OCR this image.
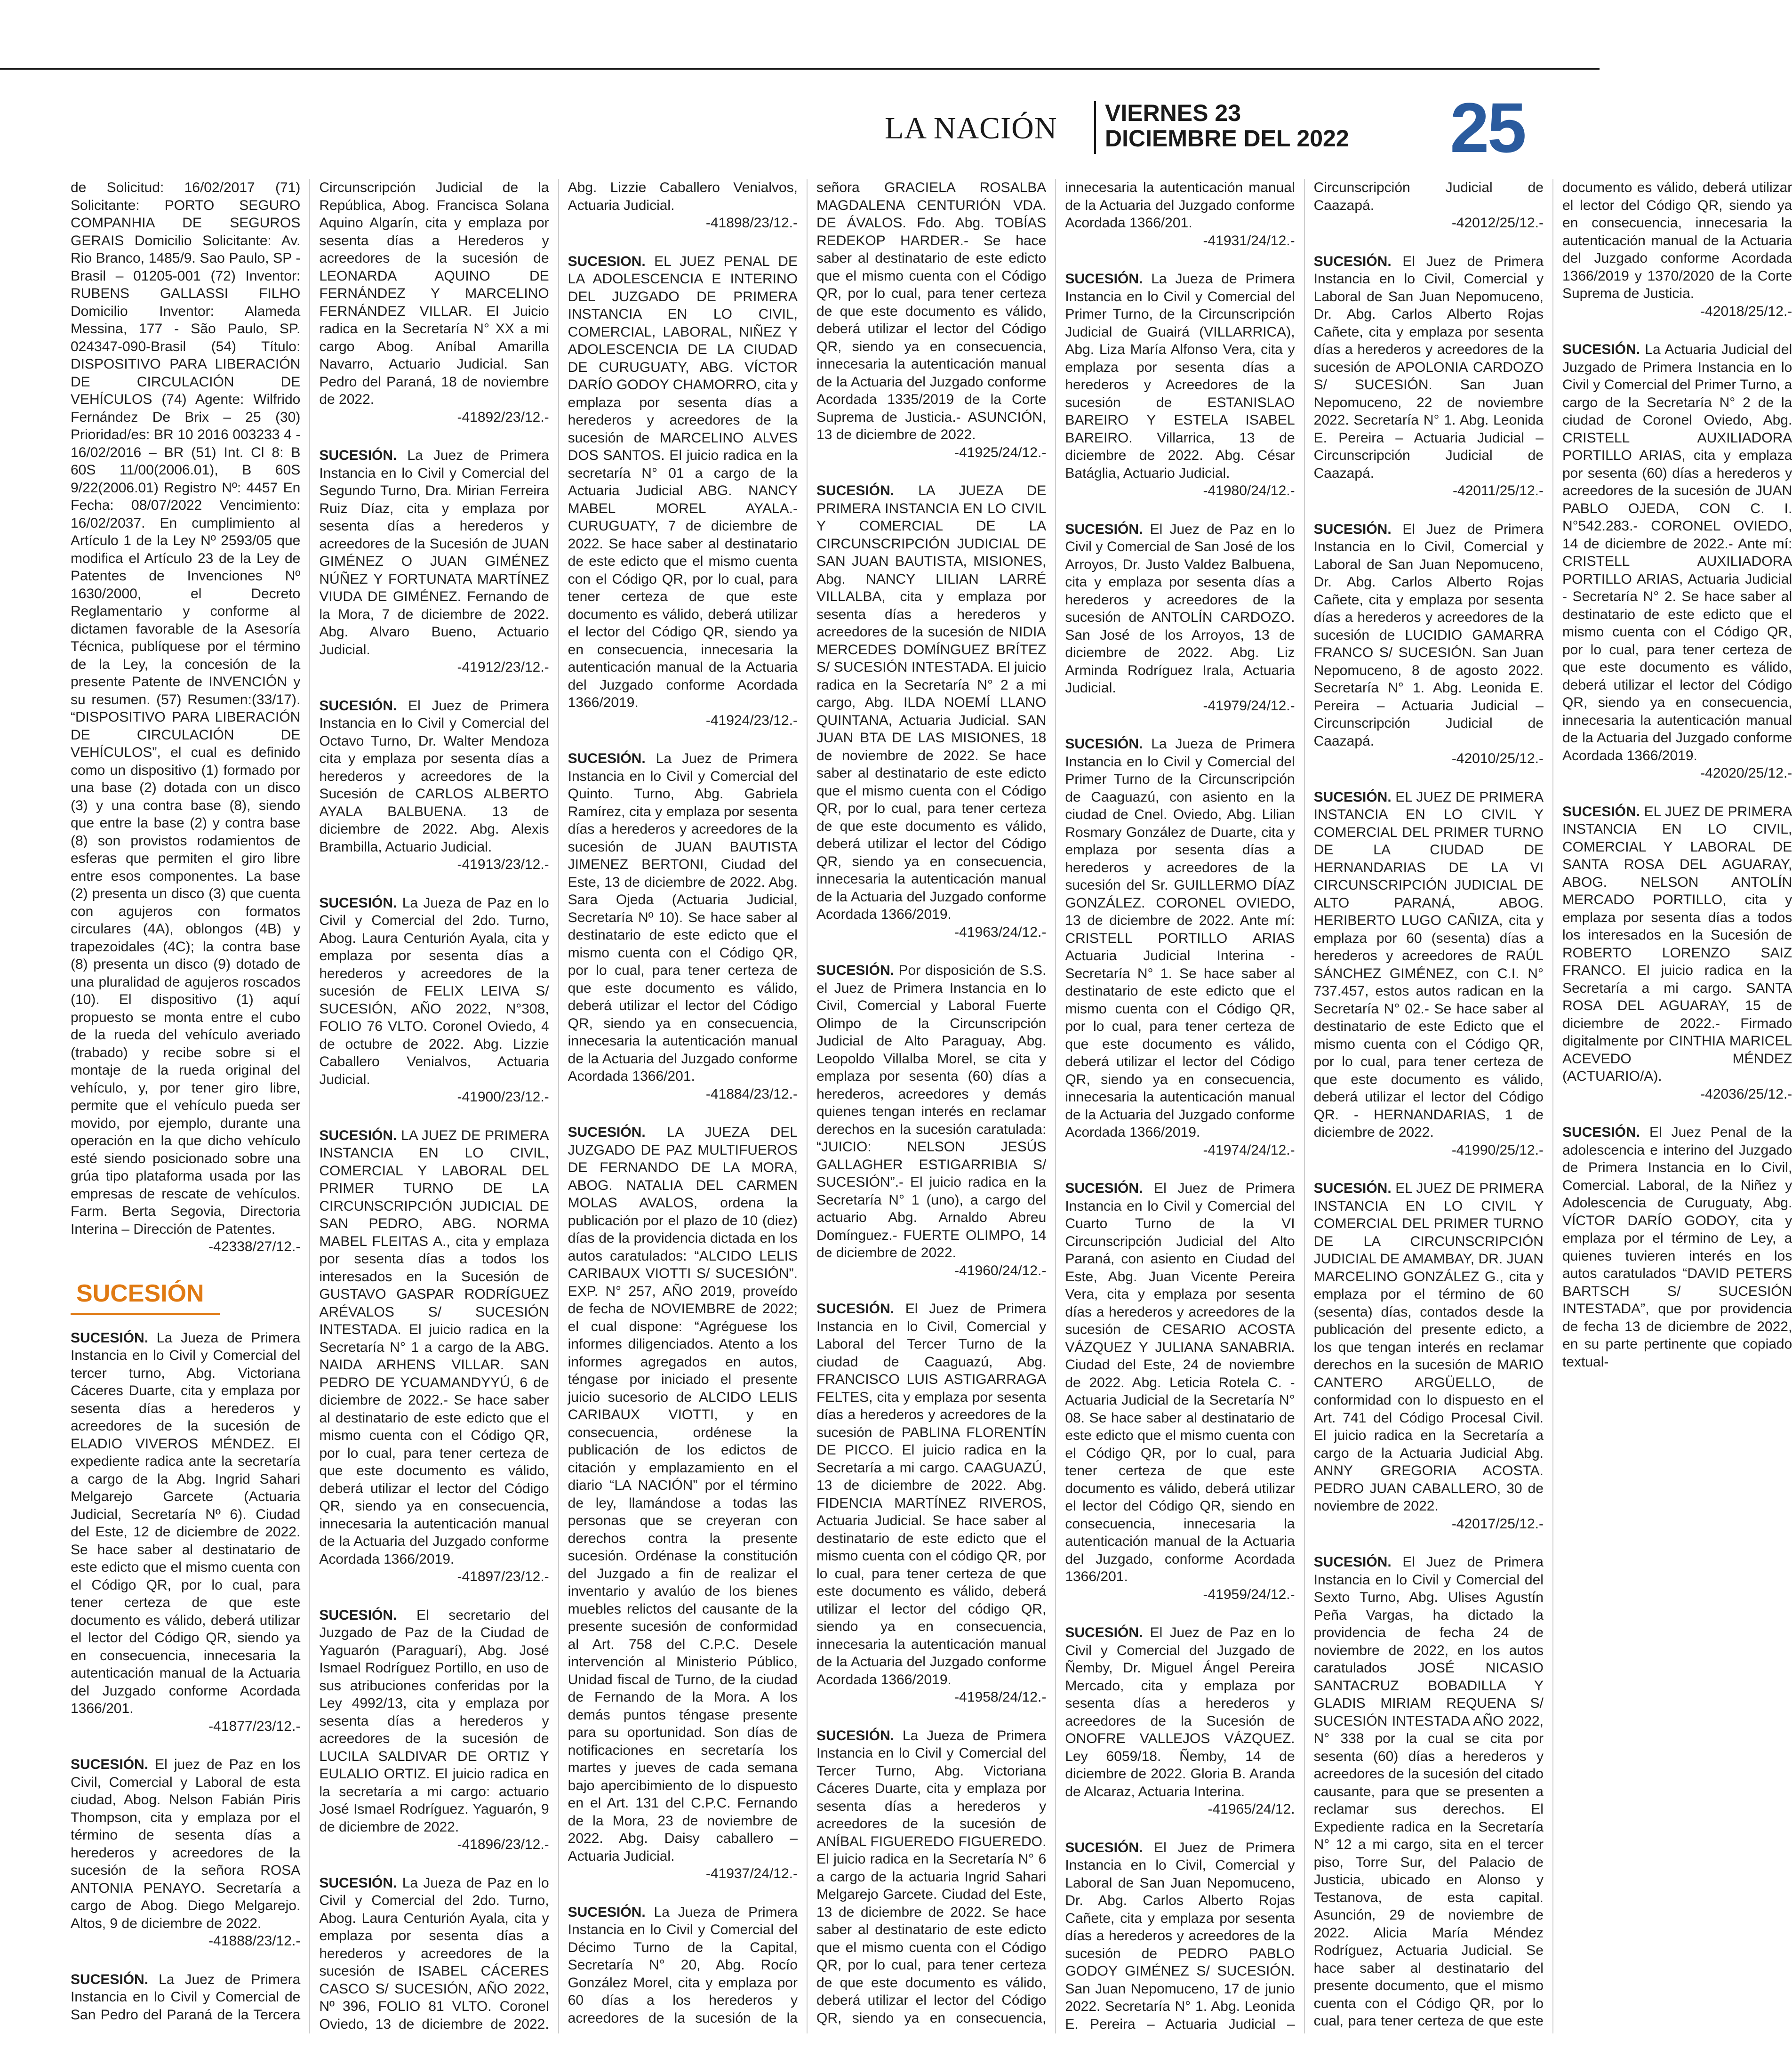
LA NACIÓN VIERNES 23
DICIEMBRE DEL 2022 25

de Solicitud: 16/02/2017 (71) Solicitante: PORTO SEGURO COMPANHIA DE SEGUROS GERAIS Domicilio Solicitante: Av. Rio Branco, 1485/9. Sao Paulo, SP - Brasil – 01205-001 (72) Inventor: RUBENS GALLASSI FILHO Domicilio Inventor: Alameda Messina, 177 - São Paulo, SP. 024347-090-Brasil (54) Título: DISPOSITIVO PARA LIBERACIÓN DE CIRCULACIÓN DE VEHÍCULOS (74) Agente: Wilfrido Fernández De Brix – 25 (30) Prioridad/es: BR 10 2016 003233 4 - 16/02/2016 – BR (51) Int. Cl 8: B 60S 11/00(2006.01), B 60S 9/22(2006.01) Registro Nº: 4457 En Fecha: 08/07/2022 Vencimiento: 16/02/2037. En cumplimiento al Artículo 1 de la Ley Nº 2593/05 que modifica el Artículo 23 de la Ley de Patentes de Invenciones Nº 1630/2000, el Decreto Reglamentario y conforme al dictamen favorable de la Asesoría Técnica, publíquese por el término de la Ley, la concesión de la presente Patente de INVENCIÓN y su resumen. (57) Resumen:(33/17). “DISPOSITIVO PARA LIBERACIÓN DE CIRCULACIÓN DE VEHÍCULOS”, el cual es definido como un dispositivo (1) formado por una base (2) dotada con un disco (3) y una contra base (8), siendo que entre la base (2) y contra base (8) son provistos rodamientos de esferas que permiten el giro libre entre esos componentes. La base (2) presenta un disco (3) que cuenta con agujeros con formatos circulares (4A), oblongos (4B) y trapezoidales (4C); la contra base (8) presenta un disco (9) dotado de una pluralidad de agujeros roscados (10). El dispositivo (1) aquí propuesto se monta entre el cubo de la rueda del vehículo averiado (trabado) y recibe sobre si el montaje de la rueda original del vehículo, y, por tener giro libre, permite que el vehículo pueda ser movido, por ejemplo, durante una operación en la que dicho vehículo esté siendo posicionado sobre una grúa tipo plataforma usada por las empresas de rescate de vehículos. Farm. Berta Segovia, Directoria Interina – Dirección de Patentes.

-42338/27/12.-

SUCESIÓN

SUCESIÓN. La Jueza de Primera Instancia en lo Civil y Comercial del tercer turno, Abg. Victoriana Cáceres Duarte, cita y emplaza por sesenta días a herederos y acreedores de la sucesión de ELADIO VIVEROS MÉNDEZ. El expediente radica ante la secretaría a cargo de la Abg. Ingrid Sahari Melgarejo Garcete (Actuaria Judicial, Secretaría Nº 6). Ciudad del Este, 12 de diciembre de 2022. Se hace saber al destinatario de este edicto que el mismo cuenta con el Código QR, por lo cual, para tener certeza de que este documento es válido, deberá utilizar el lector del Código QR, siendo ya en consecuencia, innecesaria la autenticación manual de la Actuaria del Juzgado conforme Acordada 1366/201.

-41877/23/12.-

SUCESIÓN. El juez de Paz en los Civil, Comercial y Laboral de esta ciudad, Abog. Nelson Fabián Piris Thompson, cita y emplaza por el término de sesenta días a herederos y acreedores de la sucesión de la señora ROSA ANTONIA PENAYO. Secretaría a cargo de Abog. Diego Melgarejo. Altos, 9 de diciembre de 2022.

-41888/23/12.-

SUCESIÓN. La Juez de Primera Instancia en lo Civil y Comercial de San Pedro del Paraná de la Tercera Circunscripción Judicial de la República, Abog. Francisca Solana Aquino Algarín, cita y emplaza por sesenta días a Herederos y acreedores de la sucesión de LEONARDA AQUINO DE FERNÁNDEZ Y MARCELINO FERNÁNDEZ VILLAR. El Juicio radica en la Secretaría N° XX a mi cargo Abog. Aníbal Amarilla Navarro, Actuario Judicial. San Pedro del Paraná, 18 de noviembre de 2022.

-41892/23/12.-

SUCESIÓN. La Juez de Primera Instancia en lo Civil y Comercial del Segundo Turno, Dra. Mirian Ferreira Ruiz Díaz, cita y emplaza por sesenta días a herederos y acreedores de la Sucesión de JUAN GIMÉNEZ O JUAN GIMÉNEZ NÚÑEZ Y FORTUNATA MARTÍNEZ VIUDA DE GIMÉNEZ. Fernando de la Mora, 7 de diciembre de 2022. Abg. Alvaro Bueno, Actuario Judicial.

-41912/23/12.-

SUCESIÓN. El Juez de Primera Instancia en lo Civil y Comercial del Octavo Turno, Dr. Walter Mendoza cita y emplaza por sesenta días a herederos y acreedores de la Sucesión de CARLOS ALBERTO AYALA BALBUENA. 13 de diciembre de 2022. Abg. Alexis Brambilla, Actuario Judicial.

-41913/23/12.-

SUCESIÓN. La Jueza de Paz en lo Civil y Comercial del 2do. Turno, Abog. Laura Centurión Ayala, cita y emplaza por sesenta días a herederos y acreedores de la sucesión de FELIX LEIVA S/ SUCESIÓN, AÑO 2022, N°308, FOLIO 76 VLTO. Coronel Oviedo, 4 de octubre de 2022. Abg. Lizzie Caballero Venialvos, Actuaria Judicial.

-41900/23/12.-

SUCESIÓN. LA JUEZ DE PRIMERA INSTANCIA EN LO CIVIL, COMERCIAL Y LABORAL DEL PRIMER TURNO DE LA CIRCUNSCRIPCIÓN JUDICIAL DE SAN PEDRO, ABG. NORMA MABEL FLEITAS A., cita y emplaza por sesenta días a todos los interesados en la Sucesión de GUSTAVO GASPAR RODRÍGUEZ ARÉVALOS S/ SUCESIÓN INTESTADA. El juicio radica en la Secretaría N° 1 a cargo de la ABG. NAIDA ARHENS VILLAR. SAN PEDRO DE YCUAMANDYYÚ, 6 de diciembre de 2022.- Se hace saber al destinatario de este edicto que el mismo cuenta con el Código QR, por lo cual, para tener certeza de que este documento es válido, deberá utilizar el lector del Código QR, siendo ya en consecuencia, innecesaria la autenticación manual de la Actuaria del Juzgado conforme Acordada 1366/2019.

-41897/23/12.-

SUCESIÓN. El secretario del Juzgado de Paz de la Ciudad de Yaguarón (Paraguarí), Abg. José Ismael Rodríguez Portillo, en uso de sus atribuciones conferidas por la Ley 4992/13, cita y emplaza por sesenta días a herederos y acreedores de la sucesión de LUCILA SALDIVAR DE ORTIZ Y EULALIO ORTIZ. El juicio radica en la secretaría a mi cargo: actuario José Ismael Rodríguez. Yaguarón, 9 de diciembre de 2022.

-41896/23/12.-

SUCESIÓN. La Jueza de Paz en lo Civil y Comercial del 2do. Turno, Abog. Laura Centurión Ayala, cita y emplaza por sesenta días a herederos y acreedores de la sucesión de ISABEL CÁCERES CASCO S/ SUCESIÓN, AÑO 2022, Nº 396, FOLIO 81 VLTO. Coronel Oviedo, 13 de diciembre de 2022. Abg. Lizzie Caballero Venialvos, Actuaria Judicial.

-41898/23/12.-

SUCESION. EL JUEZ PENAL DE LA ADOLESCENCIA E INTERINO DEL JUZGADO DE PRIMERA INSTANCIA EN LO CIVIL, COMERCIAL, LABORAL, NIÑEZ Y ADOLESCENCIA DE LA CIUDAD DE CURUGUATY, ABG. VÍCTOR DARÍO GODOY CHAMORRO, cita y emplaza por sesenta días a herederos y acreedores de la sucesión de MARCELINO ALVES DOS SANTOS. El juicio radica en la secretaría N° 01 a cargo de la Actuaria Judicial ABG. NANCY MABEL MOREL AYALA.- CURUGUATY, 7 de diciembre de 2022. Se hace saber al destinatario de este edicto que el mismo cuenta con el Código QR, por lo cual, para tener certeza de que este documento es válido, deberá utilizar el lector del Código QR, siendo ya en consecuencia, innecesaria la autenticación manual de la Actuaria del Juzgado conforme Acordada 1366/2019.

-41924/23/12.-

SUCESIÓN. La Juez de Primera Instancia en lo Civil y Comercial del Quinto. Turno, Abg. Gabriela Ramírez, cita y emplaza por sesenta días a herederos y acreedores de la sucesión de JUAN BAUTISTA JIMENEZ BERTONI, Ciudad del Este, 13 de diciembre de 2022. Abg. Sara Ojeda (Actuaria Judicial, Secretaría Nº 10). Se hace saber al destinatario de este edicto que el mismo cuenta con el Código QR, por lo cual, para tener certeza de que este documento es válido, deberá utilizar el lector del Código QR, siendo ya en consecuencia, innecesaria la autenticación manual de la Actuaria del Juzgado conforme Acordada 1366/201.

-41884/23/12.-

SUCESIÓN. LA JUEZA DEL JUZGADO DE PAZ MULTIFUEROS DE FERNANDO DE LA MORA, ABOG. NATALIA DEL CARMEN MOLAS AVALOS, ordena la publicación por el plazo de 10 (diez) días de la providencia dictada en los autos caratulados: “ALCIDO LELIS CARIBAUX VIOTTI S/ SUCESIÓN”. EXP. N° 257, AÑO 2019, proveído de fecha de NOVIEMBRE de 2022; el cual dispone: “Agréguese los informes diligenciados. Atento a los informes agregados en autos, téngase por iniciado el presente juicio sucesorio de ALCIDO LELIS CARIBAUX VIOTTI, y en consecuencia, ordénese la publicación de los edictos de citación y emplazamiento en el diario “LA NACIÓN” por el término de ley, llamándose a todas las personas que se creyeran con derechos contra la presente sucesión. Ordénase la constitución del Juzgado a fin de realizar el inventario y avalúo de los bienes muebles relictos del causante de la presente sucesión de conformidad al Art. 758 del C.P.C. Desele intervención al Ministerio Público, Unidad fiscal de Turno, de la ciudad de Fernando de la Mora. A los demás puntos téngase presente para su oportunidad. Son días de notificaciones en secretaría los martes y jueves de cada semana bajo apercibimiento de lo dispuesto en el Art. 131 del C.P.C. Fernando de la Mora, 23 de noviembre de 2022. Abg. Daisy caballero – Actuaria Judicial.

-41937/24/12.-

SUCESIÓN. La Jueza de Primera Instancia en lo Civil y Comercial del Décimo Turno de la Capital, Secretaría N° 20, Abg. Rocío González Morel, cita y emplaza por 60 días a los herederos y acreedores de la sucesión de la señora GRACIELA ROSALBA MAGDALENA CENTURIÓN VDA. DE ÁVALOS. Fdo. Abg. TOBÍAS REDEKOP HARDER.- Se hace saber al destinatario de este edicto que el mismo cuenta con el Código QR, por lo cual, para tener certeza de que este documento es válido, deberá utilizar el lector del Código QR, siendo ya en consecuencia, innecesaria la autenticación manual de la Actuaria del Juzgado conforme Acordada 1335/2019 de la Corte Suprema de Justicia.- ASUNCIÓN, 13 de diciembre de 2022.

-41925/24/12.-

SUCESIÓN. LA JUEZA DE PRIMERA INSTANCIA EN LO CIVIL Y COMERCIAL DE LA CIRCUNSCRIPCIÓN JUDICIAL DE SAN JUAN BAUTISTA, MISIONES, Abg. NANCY LILIAN LARRÉ VILLALBA, cita y emplaza por sesenta días a herederos y acreedores de la sucesión de NIDIA MERCEDES DOMÍNGUEZ BRÍTEZ S/ SUCESIÓN INTESTADA. El juicio radica en la Secretaría N° 2 a mi cargo, Abg. ILDA NOEMÍ LLANO QUINTANA, Actuaria Judicial. SAN JUAN BTA DE LAS MISIONES, 18 de noviembre de 2022. Se hace saber al destinatario de este edicto que el mismo cuenta con el Código QR, por lo cual, para tener certeza de que este documento es válido, deberá utilizar el lector del Código QR, siendo ya en consecuencia, innecesaria la autenticación manual de la Actuaria del Juzgado conforme Acordada 1366/2019.

-41963/24/12.-

SUCESIÓN. Por disposición de S.S. el Juez de Primera Instancia en lo Civil, Comercial y Laboral Fuerte Olimpo de la Circunscripción Judicial de Alto Paraguay, Abg. Leopoldo Villalba Morel, se cita y emplaza por sesenta (60) días a herederos, acreedores y demás quienes tengan interés en reclamar derechos en la sucesión caratulada: “JUICIO: NELSON JESÚS GALLAGHER ESTIGARRIBIA S/ SUCESIÓN”.- El juicio radica en la Secretaría N° 1 (uno), a cargo del actuario Abg. Arnaldo Abreu Domínguez.- FUERTE OLIMPO, 14 de diciembre de 2022.

-41960/24/12.-

SUCESIÓN. El Juez de Primera Instancia en lo Civil, Comercial y Laboral del Tercer Turno de la ciudad de Caaguazú, Abg. FRANCISCO LUIS ASTIGARRAGA FELTES, cita y emplaza por sesenta días a herederos y acreedores de la sucesión de PABLINA FLORENTÍN DE PICCO. El juicio radica en la Secretaría a mi cargo. CAAGUAZÚ, 13 de diciembre de 2022. Abg. FIDENCIA MARTÍNEZ RIVEROS, Actuaria Judicial. Se hace saber al destinatario de este edicto que el mismo cuenta con el código QR, por lo cual, para tener certeza de que este documento es válido, deberá utilizar el lector del código QR, siendo ya en consecuencia, innecesaria la autenticación manual de la Actuaria del Juzgado conforme Acordada 1366/2019.

-41958/24/12.-

SUCESIÓN. La Jueza de Primera Instancia en lo Civil y Comercial del Tercer Turno, Abg. Victoriana Cáceres Duarte, cita y emplaza por sesenta días a herederos y acreedores de la sucesión de ANÍBAL FIGUEREDO FIGUEREDO. El juicio radica en la Secretaría N° 6 a cargo de la actuaria Ingrid Sahari Melgarejo Garcete. Ciudad del Este, 13 de diciembre de 2022. Se hace saber al destinatario de este edicto que el mismo cuenta con el Código QR, por lo cual, para tener certeza de que este documento es válido, deberá utilizar el lector del Código QR, siendo ya en consecuencia, innecesaria la autenticación manual de la Actuaria del Juzgado conforme Acordada 1366/201.

-41931/24/12.-

SUCESIÓN. La Jueza de Primera Instancia en lo Civil y Comercial del Primer Turno, de la Circunscripción Judicial de Guairá (VILLARRICA), Abg. Liza María Alfonso Vera, cita y emplaza por sesenta días a herederos y Acreedores de la sucesión de ESTANISLAO BAREIRO Y ESTELA ISABEL BAREIRO. Villarrica, 13 de diciembre de 2022. Abg. César Batáglia, Actuario Judicial.

-41980/24/12.-

SUCESIÓN. El Juez de Paz en lo Civil y Comercial de San José de los Arroyos, Dr. Justo Valdez Balbuena, cita y emplaza por sesenta días a herederos y acreedores de la sucesión de ANTOLÍN CARDOZO. San José de los Arroyos, 13 de diciembre de 2022. Abg. Liz Arminda Rodríguez Irala, Actuaria Judicial.

-41979/24/12.-

SUCESIÓN. La Jueza de Primera Instancia en lo Civil y Comercial del Primer Turno de la Circunscripción de Caaguazú, con asiento en la ciudad de Cnel. Oviedo, Abg. Lilian Rosmary González de Duarte, cita y emplaza por sesenta días a herederos y acreedores de la sucesión del Sr. GUILLERMO DÍAZ GONZÁLEZ. CORONEL OVIEDO, 13 de diciembre de 2022. Ante mí: CRISTELL PORTILLO ARIAS Actuaria Judicial Interina - Secretaría N° 1. Se hace saber al destinatario de este edicto que el mismo cuenta con el Código QR, por lo cual, para tener certeza de que este documento es válido, deberá utilizar el lector del Código QR, siendo ya en consecuencia, innecesaria la autenticación manual de la Actuaria del Juzgado conforme Acordada 1366/2019.

-41974/24/12.-

SUCESIÓN. El Juez de Primera Instancia en lo Civil y Comercial del Cuarto Turno de la VI Circunscripción Judicial del Alto Paraná, con asiento en Ciudad del Este, Abg. Juan Vicente Pereira Vera, cita y emplaza por sesenta días a herederos y acreedores de la sucesión de CESARIO ACOSTA VÁZQUEZ Y JULIANA SANABRIA. Ciudad del Este, 24 de noviembre de 2022. Abg. Leticia Rotela C. - Actuaria Judicial de la Secretaría N° 08. Se hace saber al destinatario de este edicto que el mismo cuenta con el Código QR, por lo cual, para tener certeza de que este documento es válido, deberá utilizar el lector del Código QR, siendo en consecuencia, innecesaria la autenticación manual de la Actuaria del Juzgado, conforme Acordada 1366/201.

-41959/24/12.-

SUCESIÓN. El Juez de Paz en lo Civil y Comercial del Juzgado de Ñemby, Dr. Miguel Ángel Pereira Mercado, cita y emplaza por sesenta días a herederos y acreedores de la Sucesión de ONOFRE VALLEJOS VÁZQUEZ. Ley 6059/18. Ñemby, 14 de diciembre de 2022. Gloria B. Aranda de Alcaraz, Actuaria Interina.

-41965/24/12.

SUCESIÓN. El Juez de Primera Instancia en lo Civil, Comercial y Laboral de San Juan Nepomuceno, Dr. Abg. Carlos Alberto Rojas Cañete, cita y emplaza por sesenta días a herederos y acreedores de la sucesión de PEDRO PABLO GODOY GIMÉNEZ S/ SUCESIÓN. San Juan Nepomuceno, 17 de junio 2022. Secretaría N° 1. Abg. Leonida E. Pereira – Actuaria Judicial – Circunscripción Judicial de Caazapá.

-42012/25/12.-

SUCESIÓN. El Juez de Primera Instancia en lo Civil, Comercial y Laboral de San Juan Nepomuceno, Dr. Abg. Carlos Alberto Rojas Cañete, cita y emplaza por sesenta días a herederos y acreedores de la sucesión de APOLONIA CARDOZO S/ SUCESIÓN. San Juan Nepomuceno, 22 de noviembre 2022. Secretaría N° 1. Abg. Leonida E. Pereira – Actuaria Judicial – Circunscripción Judicial de Caazapá.

-42011/25/12.-

SUCESIÓN. El Juez de Primera Instancia en lo Civil, Comercial y Laboral de San Juan Nepomuceno, Dr. Abg. Carlos Alberto Rojas Cañete, cita y emplaza por sesenta días a herederos y acreedores de la sucesión de LUCIDIO GAMARRA FRANCO S/ SUCESIÓN. San Juan Nepomuceno, 8 de agosto 2022. Secretaría N° 1. Abg. Leonida E. Pereira – Actuaria Judicial – Circunscripción Judicial de Caazapá.

-42010/25/12.-

SUCESIÓN. EL JUEZ DE PRIMERA INSTANCIA EN LO CIVIL Y COMERCIAL DEL PRIMER TURNO DE LA CIUDAD DE HERNANDARIAS DE LA VI CIRCUNSCRIPCIÓN JUDICIAL DE ALTO PARANÁ, ABOG. HERIBERTO LUGO CAÑIZA, cita y emplaza por 60 (sesenta) días a herederos y acreedores de RAÚL SÁNCHEZ GIMÉNEZ, con C.I. N° 737.457, estos autos radican en la Secretaría N° 02.- Se hace saber al destinatario de este Edicto que el mismo cuenta con el Código QR, por lo cual, para tener certeza de que este documento es válido, deberá utilizar el lector del Código QR. - HERNANDARIAS, 1 de diciembre de 2022.

-41990/25/12.-

SUCESIÓN. EL JUEZ DE PRIMERA INSTANCIA EN LO CIVIL Y COMERCIAL DEL PRIMER TURNO DE LA CIRCUNSCRIPCIÓN JUDICIAL DE AMAMBAY, DR. JUAN MARCELINO GONZÁLEZ G., cita y emplaza por el término de 60 (sesenta) días, contados desde la publicación del presente edicto, a los que tengan interés en reclamar derechos en la sucesión de MARIO CANTERO ARGÜELLO, de conformidad con lo dispuesto en el Art. 741 del Código Procesal Civil. El juicio radica en la Secretaría a cargo de la Actuaria Judicial Abg. ANNY GREGORIA ACOSTA. PEDRO JUAN CABALLERO, 30 de noviembre de 2022.

-42017/25/12.-

SUCESIÓN. El Juez de Primera Instancia en lo Civil y Comercial del Sexto Turno, Abg. Ulises Agustín Peña Vargas, ha dictado la providencia de fecha 24 de noviembre de 2022, en los autos caratulados JOSÉ NICASIO SANTACRUZ BOBADILLA Y GLADIS MIRIAM REQUENA S/ SUCESIÓN INTESTADA AÑO 2022, N° 338 por la cual se cita por sesenta (60) días a herederos y acreedores de la sucesión del citado causante, para que se presenten a reclamar sus derechos. El Expediente radica en la Secretaría N° 12 a mi cargo, sita en el tercer piso, Torre Sur, del Palacio de Justicia, ubicado en Alonso y Testanova, de esta capital. Asunción, 29 de noviembre de 2022. Alicia María Méndez Rodríguez, Actuaria Judicial. Se hace saber al destinatario del presente documento, que el mismo cuenta con el Código QR, por lo cual, para tener certeza de que este documento es válido, deberá utilizar el lector del Código QR, siendo ya en consecuencia, innecesaria la autenticación manual de la Actuaria del Juzgado conforme Acordada 1366/2019 y 1370/2020 de la Corte Suprema de Justicia.

-42018/25/12.-

SUCESIÓN. La Actuaria Judicial del Juzgado de Primera Instancia en lo Civil y Comercial del Primer Turno, a cargo de la Secretaría N° 2 de la ciudad de Coronel Oviedo, Abg. CRISTELL AUXILIADORA PORTILLO ARIAS, cita y emplaza por sesenta (60) días a herederos y acreedores de la sucesión de JUAN PABLO OJEDA, CON C. I. N°542.283.- CORONEL OVIEDO, 14 de diciembre de 2022.- Ante mí: CRISTELL AUXILIADORA PORTILLO ARIAS, Actuaria Judicial - Secretaría N° 2. Se hace saber al destinatario de este edicto que el mismo cuenta con el Código QR, por lo cual, para tener certeza de que este documento es válido, deberá utilizar el lector del Código QR, siendo ya en consecuencia, innecesaria la autenticación manual de la Actuaria del Juzgado conforme Acordada 1366/2019.

-42020/25/12.-

SUCESIÓN. EL JUEZ DE PRIMERA INSTANCIA EN LO CIVIL, COMERCIAL Y LABORAL DE SANTA ROSA DEL AGUARAY, ABOG. NELSON ANTOLÍN MERCADO PORTILLO, cita y emplaza por sesenta días a todos los interesados en la Sucesión de ROBERTO LORENZO SAIZ FRANCO. El juicio radica en la Secretaría a mi cargo. SANTA ROSA DEL AGUARAY, 15 de diciembre de 2022.- Firmado digitalmente por CINTHIA MARICEL ACEVEDO MÉNDEZ (ACTUARIO/A).

-42036/25/12.-

SUCESIÓN. El Juez Penal de la adolescencia e interino del Juzgado de Primera Instancia en lo Civil, Comercial. Laboral, de la Niñez y Adolescencia de Curuguaty, Abg. VÍCTOR DARÍO GODOY, cita y emplaza por el término de Ley, a quienes tuvieren interés en los autos caratulados “DAVID PETERS BARTSCH S/ SUCESIÓN INTESTADA”, que por providencia de fecha 13 de diciembre de 2022, en su parte pertinente que copiado textual-
